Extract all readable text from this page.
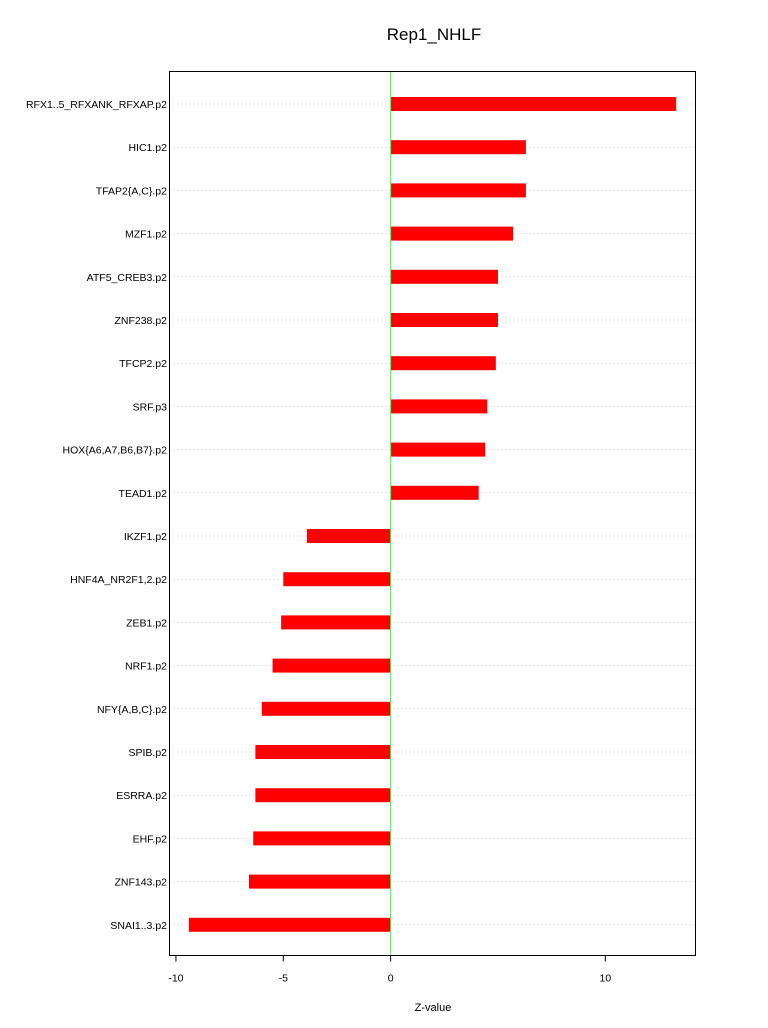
Rep1_NHLF
RFX1..5_RFXANK_RFXAP.p2
HIC1.p2
TFAP2{A,C}.p2
MZF1.p2
ATF5_CREB3.p2
ZNF238.p2
TFCP2.p2
SRF.p3
HOX{A6,A7,B6,B7}.p2
TEAD1.p2
IKZF1.p2
HNF4A_NR2F1,2.p2
ZEB1.p2
NRF1.p2
NFY{A,B,C}.p2
SPIB.p2
ESRRA.p2
EHF.p2
ZNF143.p2
SNAI1..3.p2
-10	-5	0	10
Z-value
